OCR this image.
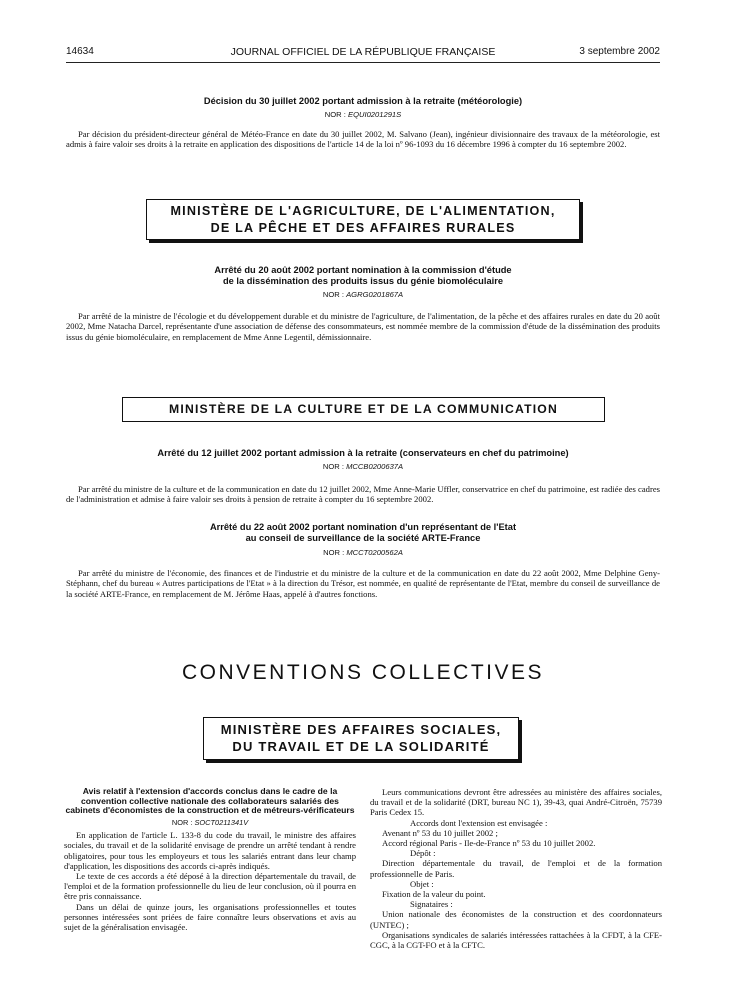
JOURNAL OFFICIEL DE LA RÉPUBLIQUE FRANÇAISE
14634	3 septembre 2002
Décision du 30 juillet 2002 portant admission à la retraite (météorologie)
NOR : EQUI0201291S
Par décision du président-directeur général de Météo-France en date du 30 juillet 2002, M. Salvano (Jean), ingénieur divisionnaire des travaux de la météorologie, est admis à faire valoir ses droits à la retraite en application des dispositions de l'article 14 de la loi nº 96-1093 du 16 décembre 1996 à compter du 16 septembre 2002.
MINISTÈRE DE L'AGRICULTURE, DE L'ALIMENTATION,
DE LA PÊCHE ET DES AFFAIRES RURALES
Arrêté du 20 août 2002 portant nomination à la commission d'étude
de la dissémination des produits issus du génie biomoléculaire
NOR : AGRG0201867A
Par arrêté de la ministre de l'écologie et du développement durable et du ministre de l'agriculture, de l'alimentation, de la pêche et des affaires rurales en date du 20 août 2002, Mme Natacha Darcel, représentante d'une association de défense des consommateurs, est nommée membre de la commission d'étude de la dissémination des produits issus du génie biomoléculaire, en remplacement de Mme Anne Legentil, démissionnaire.
MINISTÈRE DE LA CULTURE ET DE LA COMMUNICATION
Arrêté du 12 juillet 2002 portant admission à la retraite (conservateurs en chef du patrimoine)
NOR : MCCB0200637A
Par arrêté du ministre de la culture et de la communication en date du 12 juillet 2002, Mme Anne-Marie Uffler, conservatrice en chef du patrimoine, est radiée des cadres de l'administration et admise à faire valoir ses droits à pension de retraite à compter du 16 septembre 2002.
Arrêté du 22 août 2002 portant nomination d'un représentant de l'Etat
au conseil de surveillance de la société ARTE-France
NOR : MCCT0200562A
Par arrêté du ministre de l'économie, des finances et de l'industrie et du ministre de la culture et de la communication en date du 22 août 2002, Mme Delphine Geny-Stéphann, chef du bureau « Autres participations de l'Etat » à la direction du Trésor, est nommée, en qualité de représentante de l'Etat, membre du conseil de surveillance de la société ARTE-France, en remplacement de M. Jérôme Haas, appelé à d'autres fonctions.
CONVENTIONS COLLECTIVES
MINISTÈRE DES AFFAIRES SOCIALES,
DU TRAVAIL ET DE LA SOLIDARITÉ
Avis relatif à l'extension d'accords conclus dans le cadre de la convention collective nationale des collaborateurs salariés des cabinets d'économistes de la construction et de métreurs-vérificateurs
NOR : SOCT0211341V

En application de l'article L. 133-8 du code du travail, le ministre des affaires sociales, du travail et de la solidarité envisage de prendre un arrêté tendant à rendre obligatoires, pour tous les employeurs et tous les salariés entrant dans leur champ d'application, les dispositions des accords ci-après indiqués.

Le texte de ces accords a été déposé à la direction départementale du travail, de l'emploi et de la formation professionnelle du lieu de leur conclusion, où il pourra en être pris connaissance.

Dans un délai de quinze jours, les organisations professionnelles et toutes personnes intéressées sont priées de faire connaître leurs observations et avis au sujet de la généralisation envisagée.

Leurs communications devront être adressées au ministère des affaires sociales, du travail et de la solidarité (DRT, bureau NC 1), 39-43, quai André-Citroën, 75739 Paris Cedex 15.

Accords dont l'extension est envisagée :

Avenant nº 53 du 10 juillet 2002 ;

Accord régional Paris - Ile-de-France nº 53 du 10 juillet 2002.

Dépôt :

Direction départementale du travail, de l'emploi et de la formation professionnelle de Paris.

Objet :

Fixation de la valeur du point.

Signataires :

Union nationale des économistes de la construction et des coordonnateurs (UNTEC) ;

Organisations syndicales de salariés intéressées rattachées à la CFDT, à la CFE-CGC, à la CGT-FO et à la CFTC.
